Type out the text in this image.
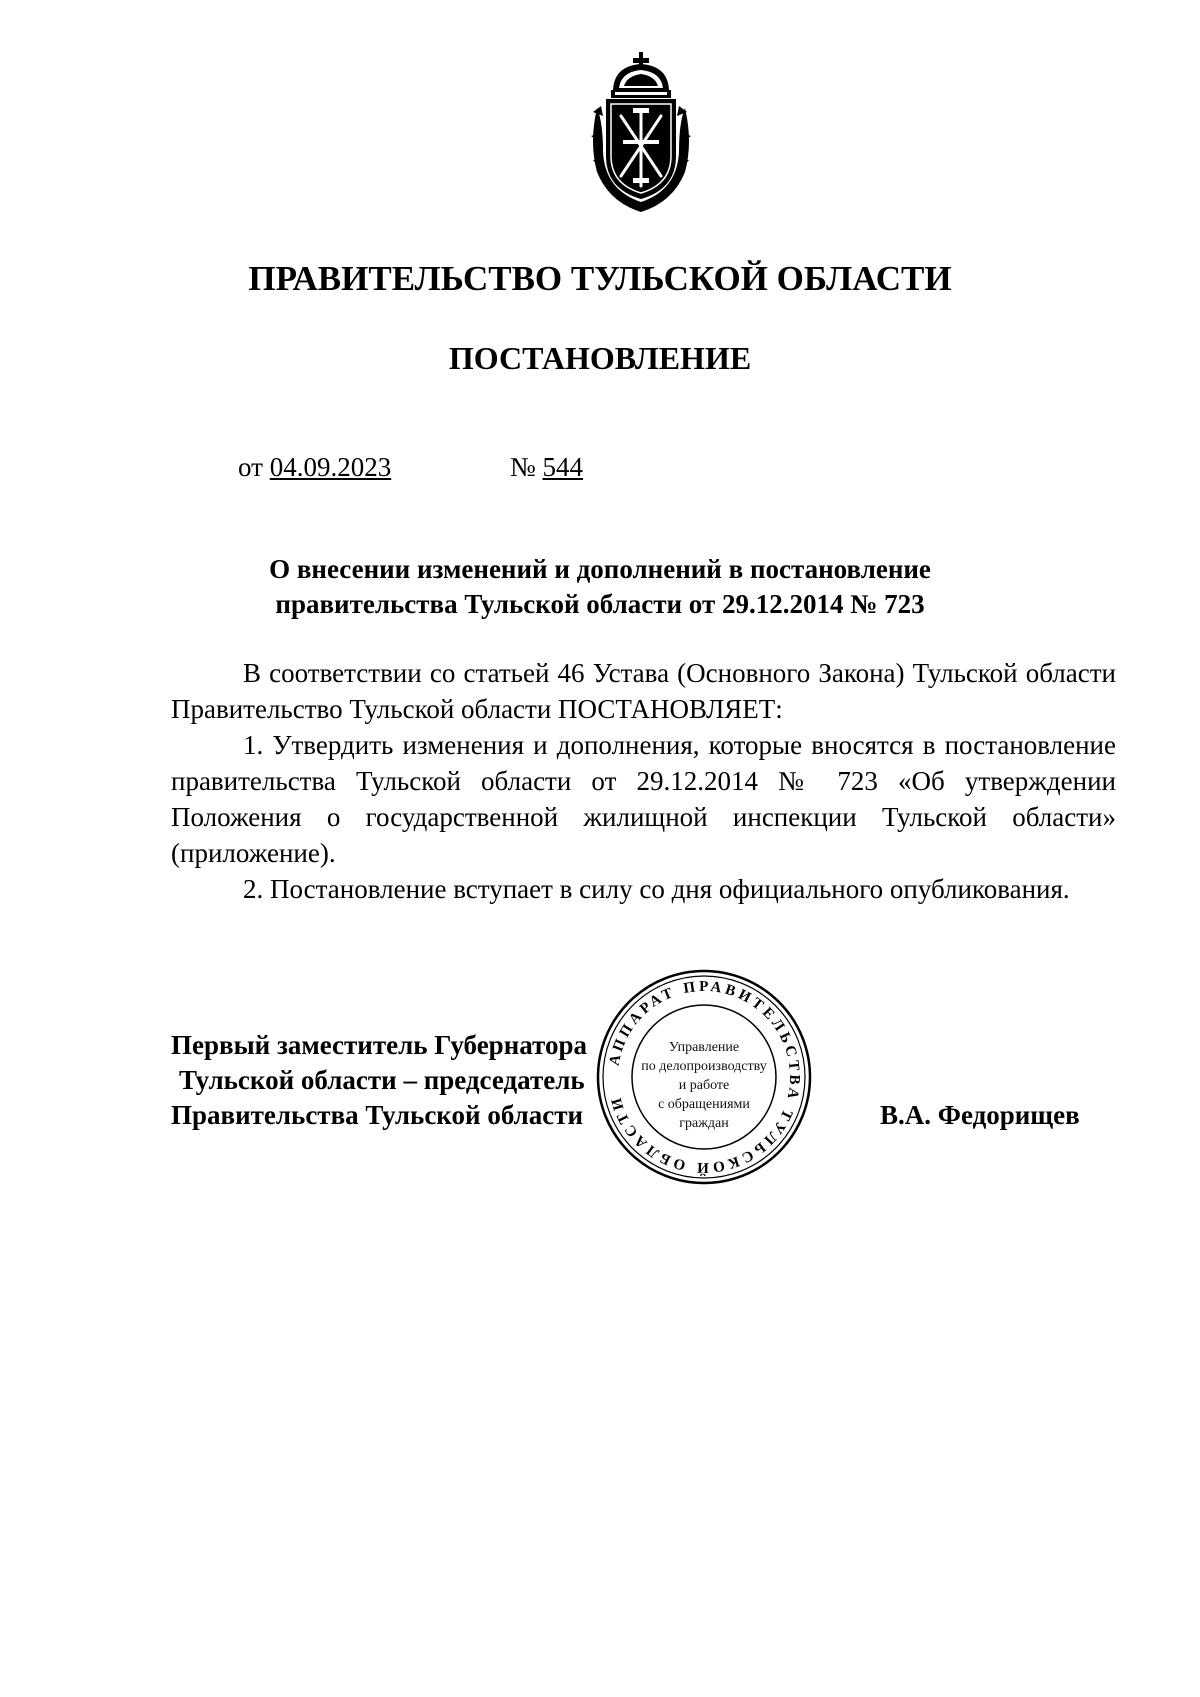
ПРАВИТЕЛЬСТВО ТУЛЬСКОЙ ОБЛАСТИ
ПОСТАНОВЛЕНИЕ
от 04.09.2023	№ 544
О внесении изменений и дополнений в постановление
правительства Тульской области от 29.12.2014 № 723

В соответствии со статьей 46 Устава (Основного Закона) Тульской области Правительство Тульской области ПОСТАНОВЛЯЕТ:

1. Утвердить изменения и дополнения, которые вносятся в постановление правительства Тульской области от 29.12.2014 № 723 «Об утверждении Положения о государственной жилищной инспекции Тульской области» (приложение).

2. Постановление вступает в силу со дня официального опубликования.

Первый заместитель Губернатора
Тульской области – председатель
Правительства Тульской области	В.А. Федорищев
АППАРАТ ПРАВИТЕЛЬСТВА ТУЛЬСКОЙ ОБЛАСТИ
Управление
по делопроизводству
и работе
с обращениями
граждан
